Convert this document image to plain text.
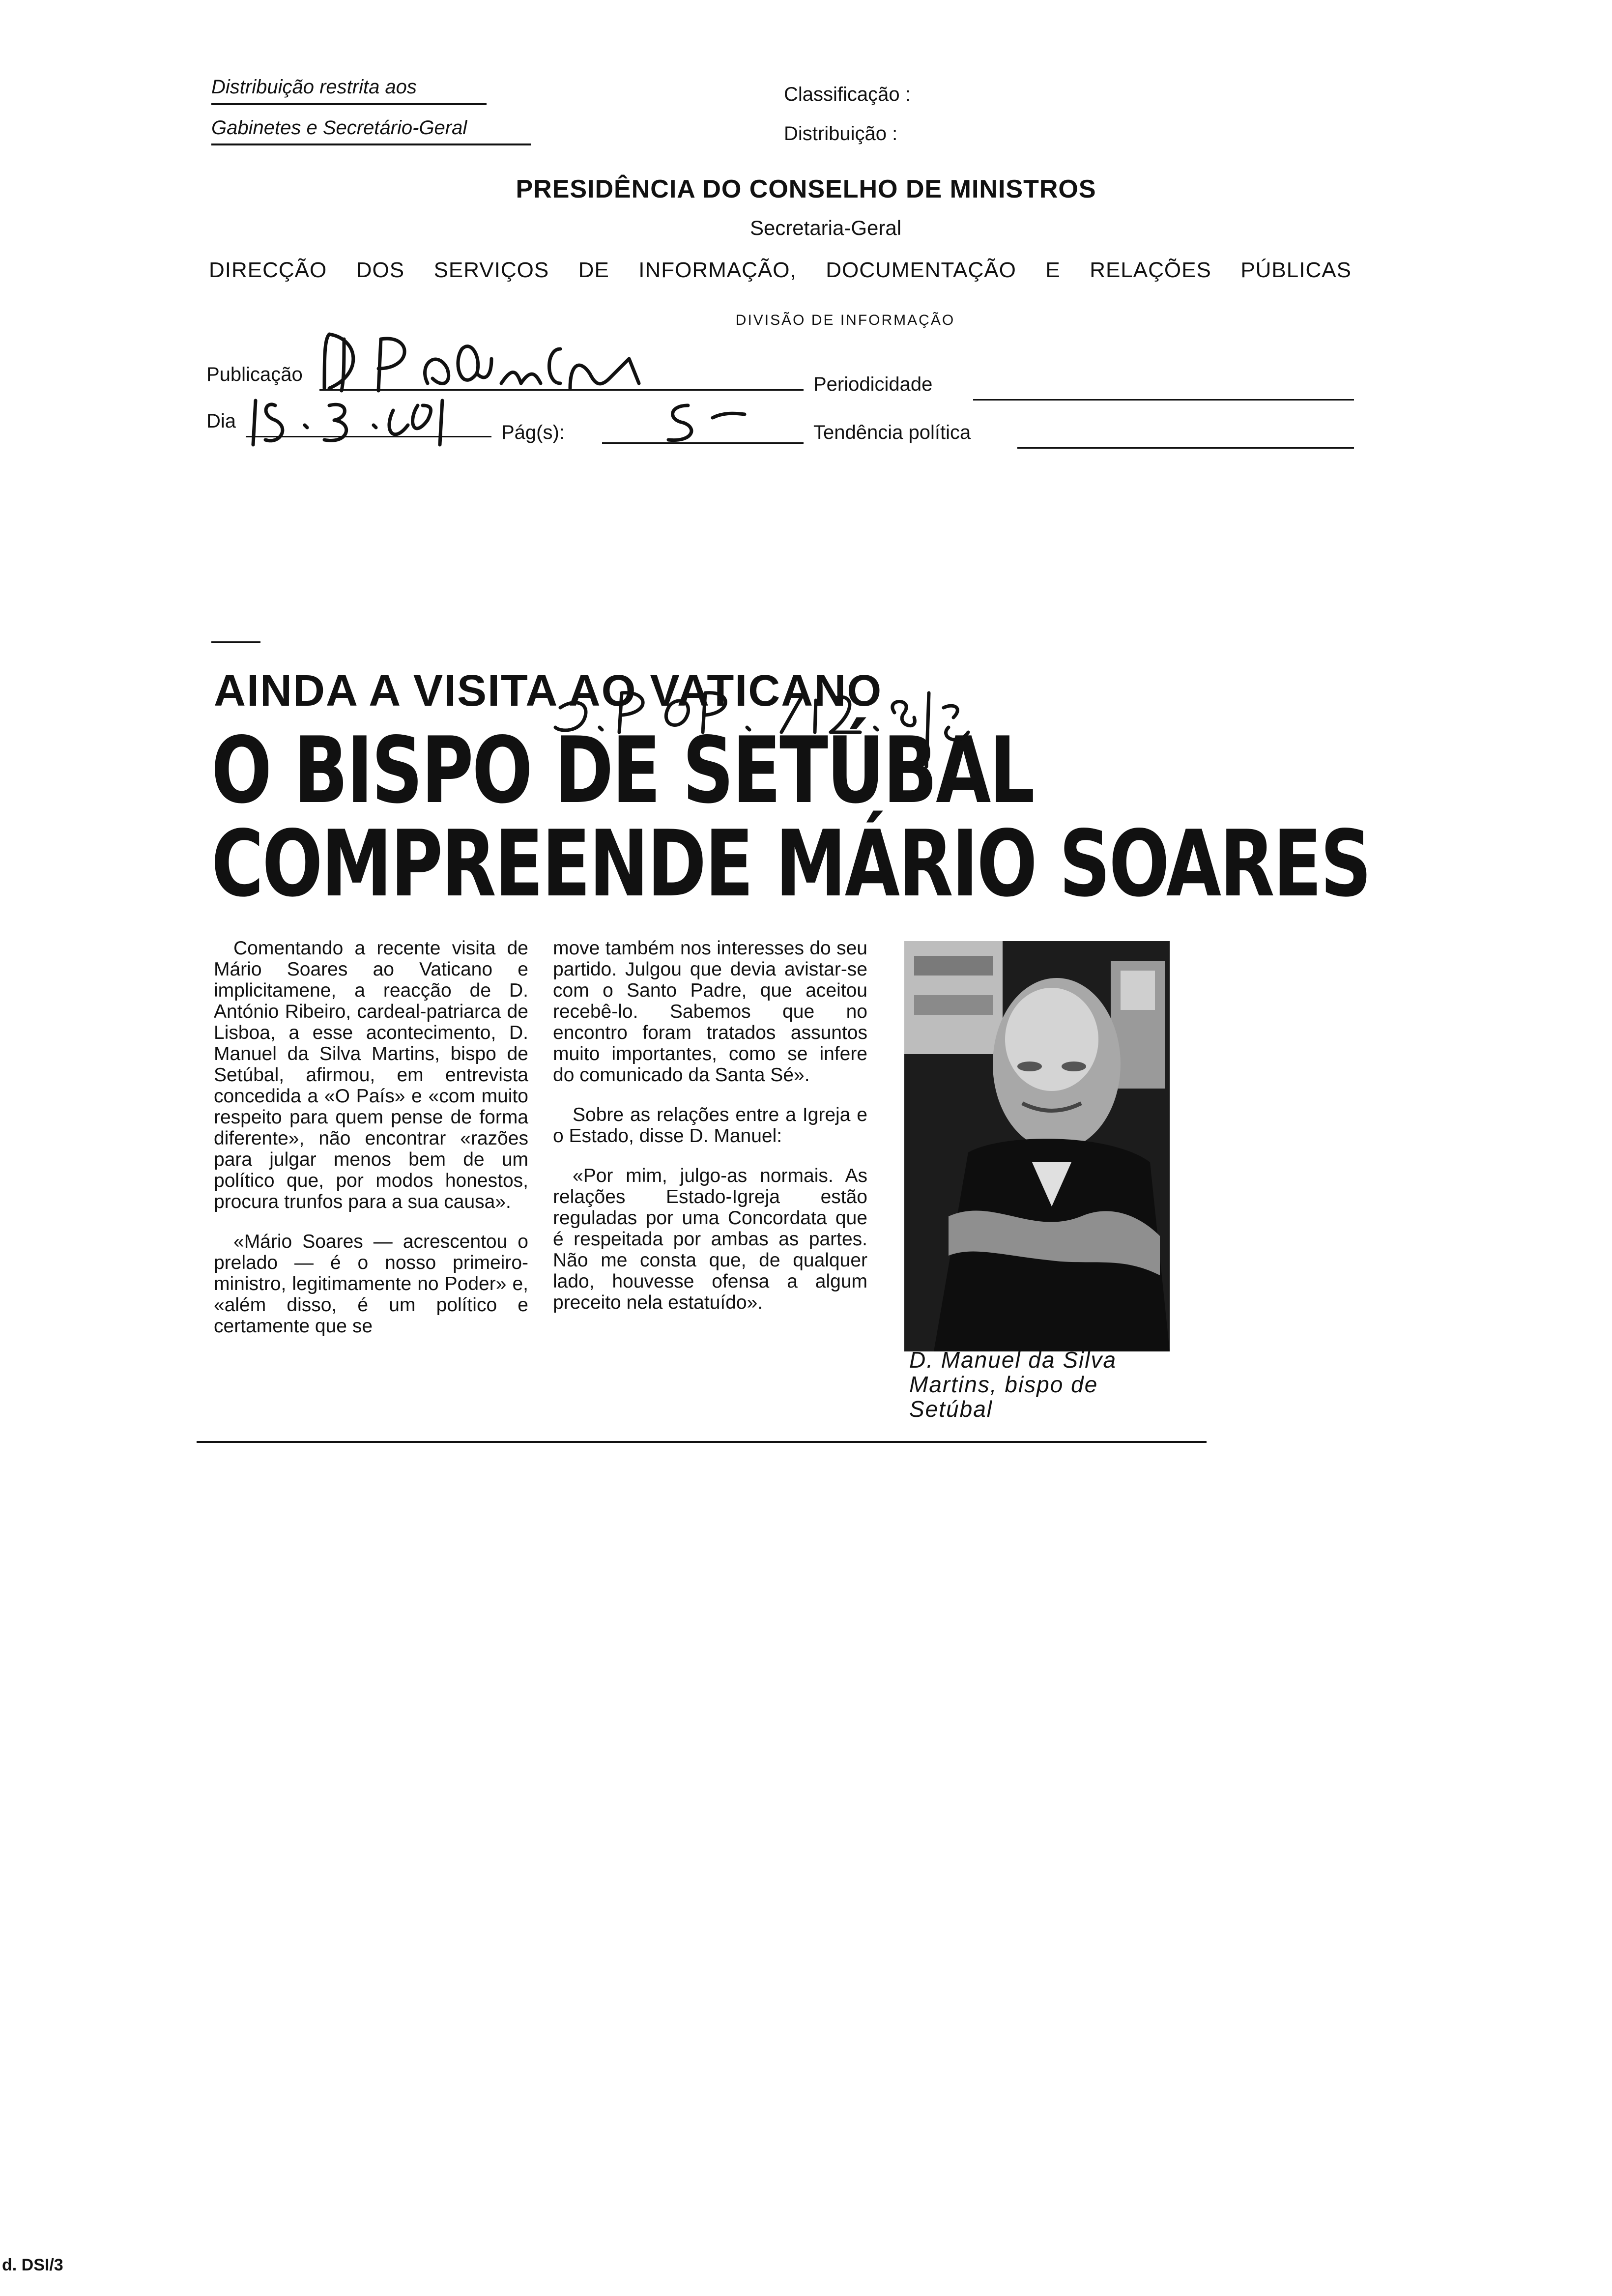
Distribuição restrita aos
Gabinetes e Secretário-Geral
Classificação :
Distribuição :
PRESIDÊNCIA DO CONSELHO DE MINISTROS
Secretaria-Geral
DIRECÇÃO DOS SERVIÇOS DE INFORMAÇÃO, DOCUMENTAÇÃO E RELAÇÕES PÚBLICAS
DIVISÃO DE INFORMAÇÃO
Publicação	Periodicidade
Dia
Pág(s):	Tendência política
AINDA A VISITA AO VATICANO
O BISPO DE SETÚBAL
COMPREENDE MÁRIO SOARES

Comentando a recente visita de Mário Soares ao Vaticano e implicitamene, a reacção de D. António Ribeiro, cardeal-patriarca de Lisboa, a esse acontecimento, D. Manuel da Silva Martins, bispo de Setúbal, afirmou, em entrevista concedida a «O País» e «com muito respeito para quem pense de forma diferente», não encontrar «razões para julgar menos bem de um político que, por modos honestos, procura trunfos para a sua causa».

«Mário Soares — acrescentou o prelado — é o nosso primeiro-ministro, legitimamente no Poder» e, «além disso, é um político e certamente que se

move também nos interesses do seu partido. Julgou que devia avistar-se com o Santo Padre, que aceitou recebê-lo. Sabemos que no encontro foram tratados assuntos muito importantes, como se infere do comunicado da Santa Sé».

Sobre as relações entre a Igreja e o Estado, disse D. Manuel:

«Por mim, julgo-as normais. As relações Estado-Igreja estão reguladas por uma Concordata que é respeitada por ambas as partes. Não me consta que, de qualquer lado, houvesse ofensa a algum preceito nela estatuído».

D. Manuel da Silva Martins, bispo de Setúbal
d. DSI/3
